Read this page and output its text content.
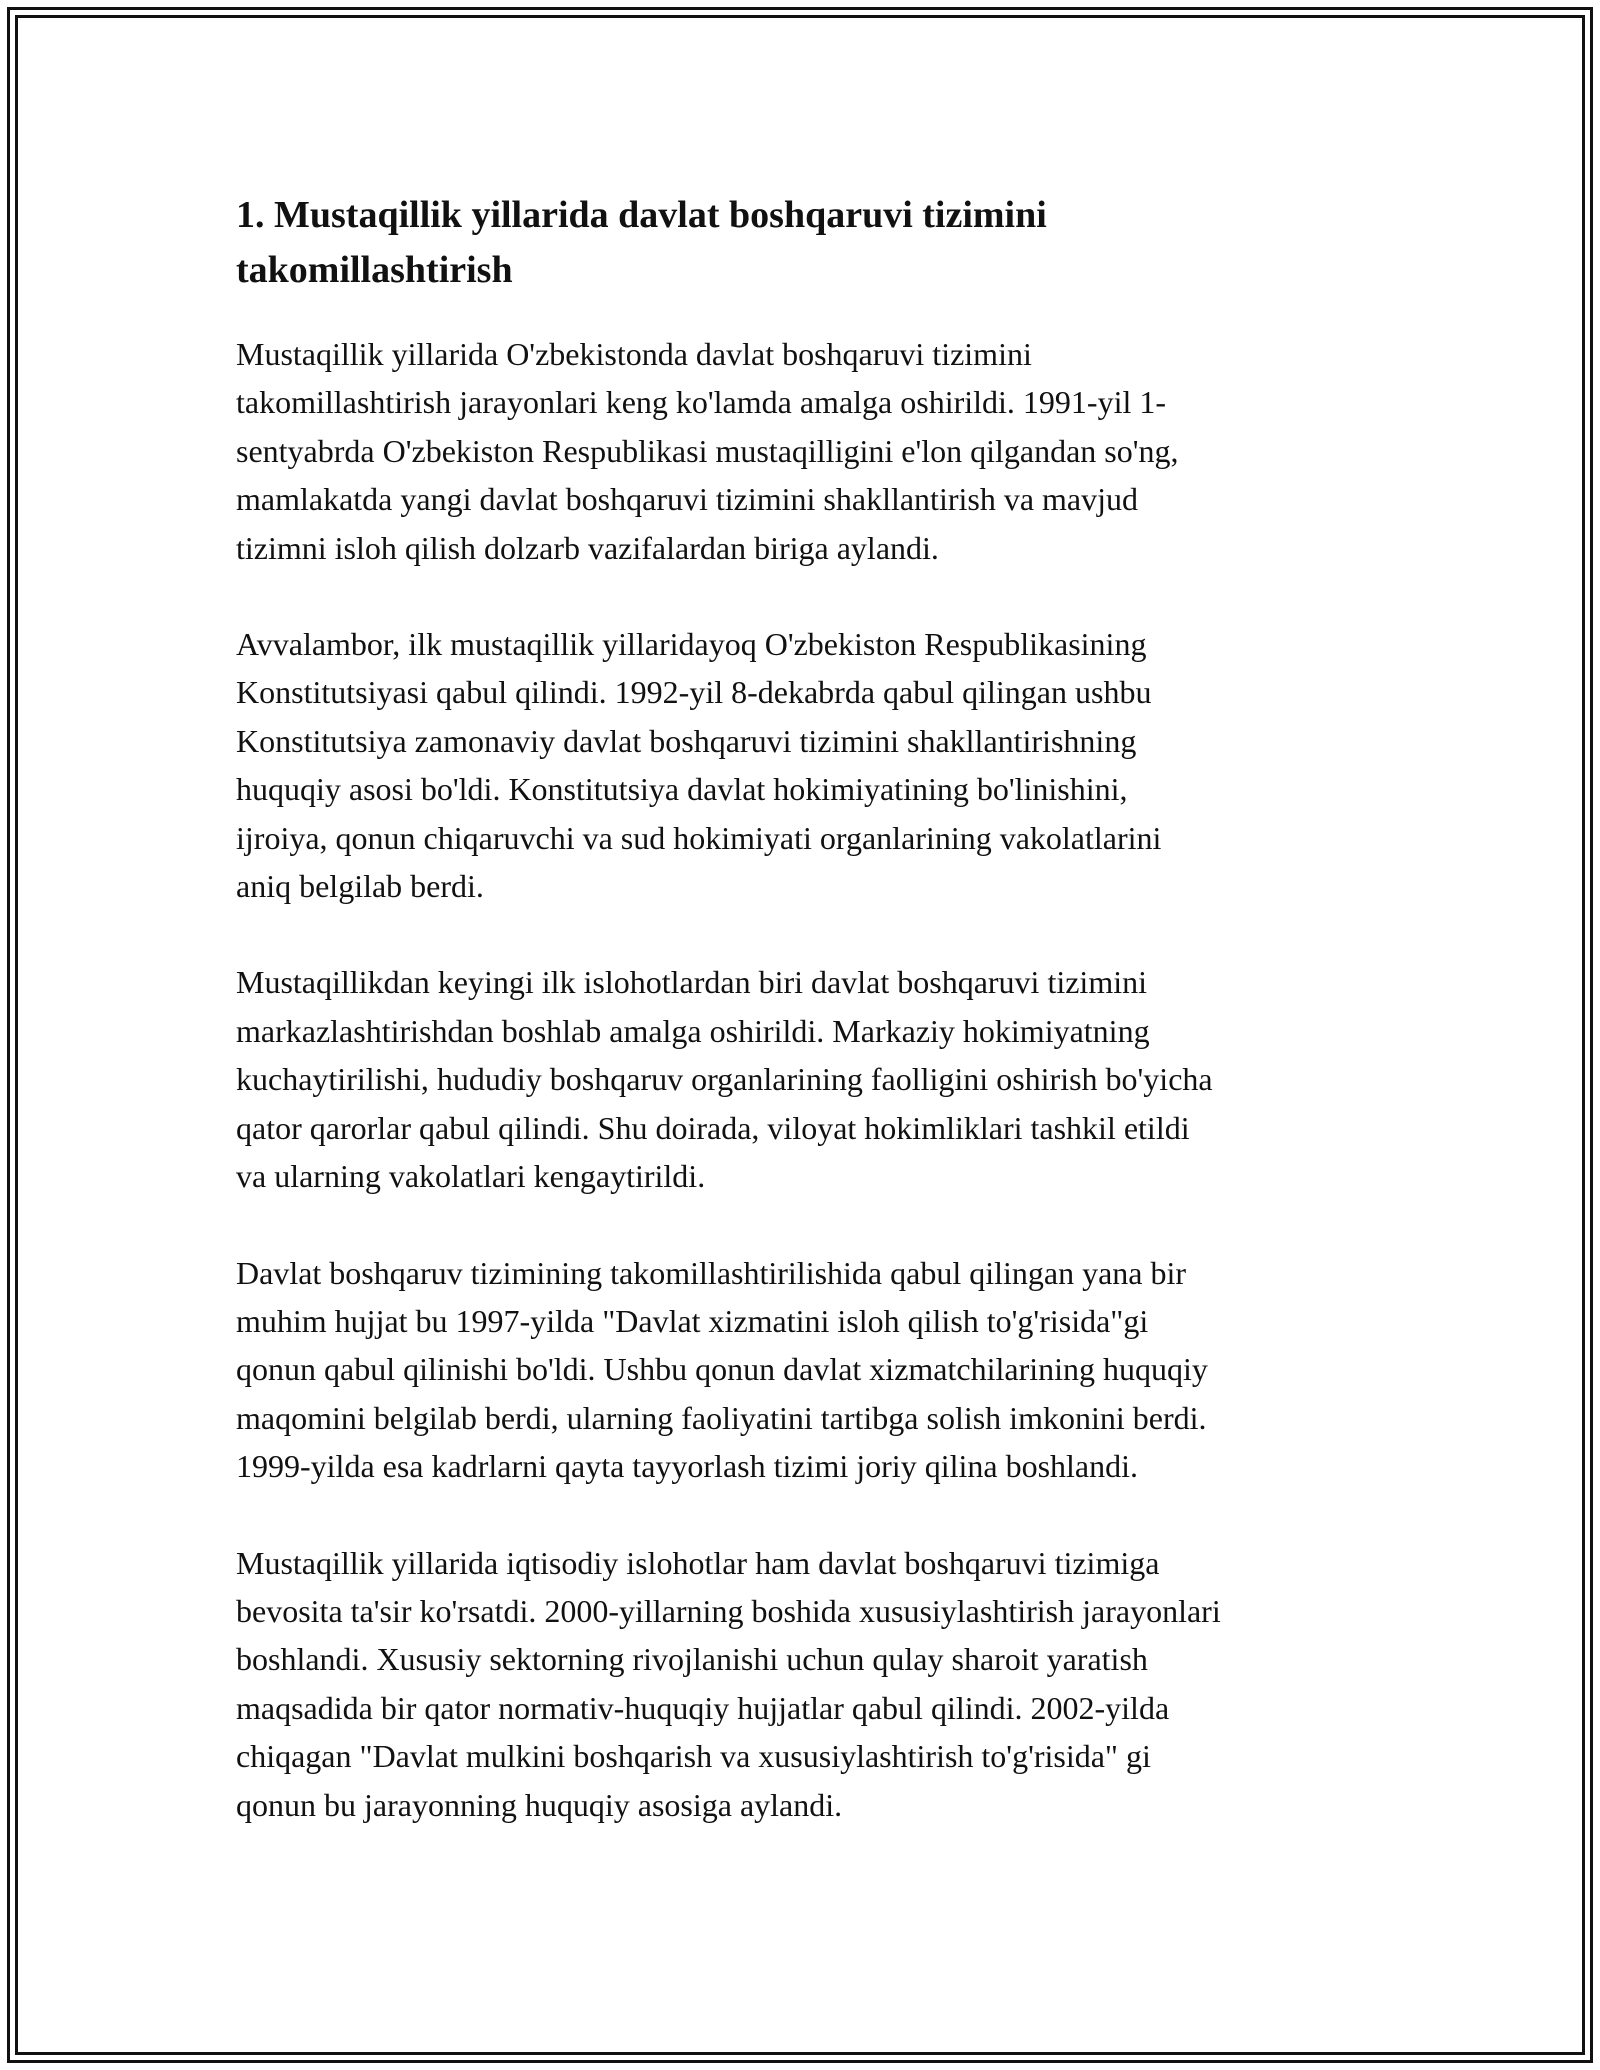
1. Mustaqillik yillarida davlat boshqaruvi tizimini
takomillashtirish

Mustaqillik yillarida O'zbekistonda davlat boshqaruvi tizimini
takomillashtirish jarayonlari keng ko'lamda amalga oshirildi. 1991-yil 1-
sentyabrda O'zbekiston Respublikasi mustaqilligini e'lon qilgandan so'ng,
mamlakatda yangi davlat boshqaruvi tizimini shakllantirish va mavjud
tizimni isloh qilish dolzarb vazifalardan biriga aylandi.

Avvalambor, ilk mustaqillik yillaridayoq O'zbekiston Respublikasining
Konstitutsiyasi qabul qilindi. 1992-yil 8-dekabrda qabul qilingan ushbu
Konstitutsiya zamonaviy davlat boshqaruvi tizimini shakllantirishning
huquqiy asosi bo'ldi. Konstitutsiya davlat hokimiyatining bo'linishini,
ijroiya, qonun chiqaruvchi va sud hokimiyati organlarining vakolatlarini
aniq belgilab berdi.

Mustaqillikdan keyingi ilk islohotlardan biri davlat boshqaruvi tizimini
markazlashtirishdan boshlab amalga oshirildi. Markaziy hokimiyatning
kuchaytirilishi, hududiy boshqaruv organlarining faolligini oshirish bo'yicha
qator qarorlar qabul qilindi. Shu doirada, viloyat hokimliklari tashkil etildi
va ularning vakolatlari kengaytirildi.

Davlat boshqaruv tizimining takomillashtirilishida qabul qilingan yana bir
muhim hujjat bu 1997-yilda "Davlat xizmatini isloh qilish to'g'risida"gi
qonun qabul qilinishi bo'ldi. Ushbu qonun davlat xizmatchilarining huquqiy
maqomini belgilab berdi, ularning faoliyatini tartibga solish imkonini berdi.
1999-yilda esa kadrlarni qayta tayyorlash tizimi joriy qilina boshlandi.

Mustaqillik yillarida iqtisodiy islohotlar ham davlat boshqaruvi tizimiga
bevosita ta'sir ko'rsatdi. 2000-yillarning boshida xususiylashtirish jarayonlari
boshlandi. Xususiy sektorning rivojlanishi uchun qulay sharoit yaratish
maqsadida bir qator normativ-huquqiy hujjatlar qabul qilindi. 2002-yilda
chiqagan "Davlat mulkini boshqarish va xususiylashtirish to'g'risida" gi
qonun bu jarayonning huquqiy asosiga aylandi.
